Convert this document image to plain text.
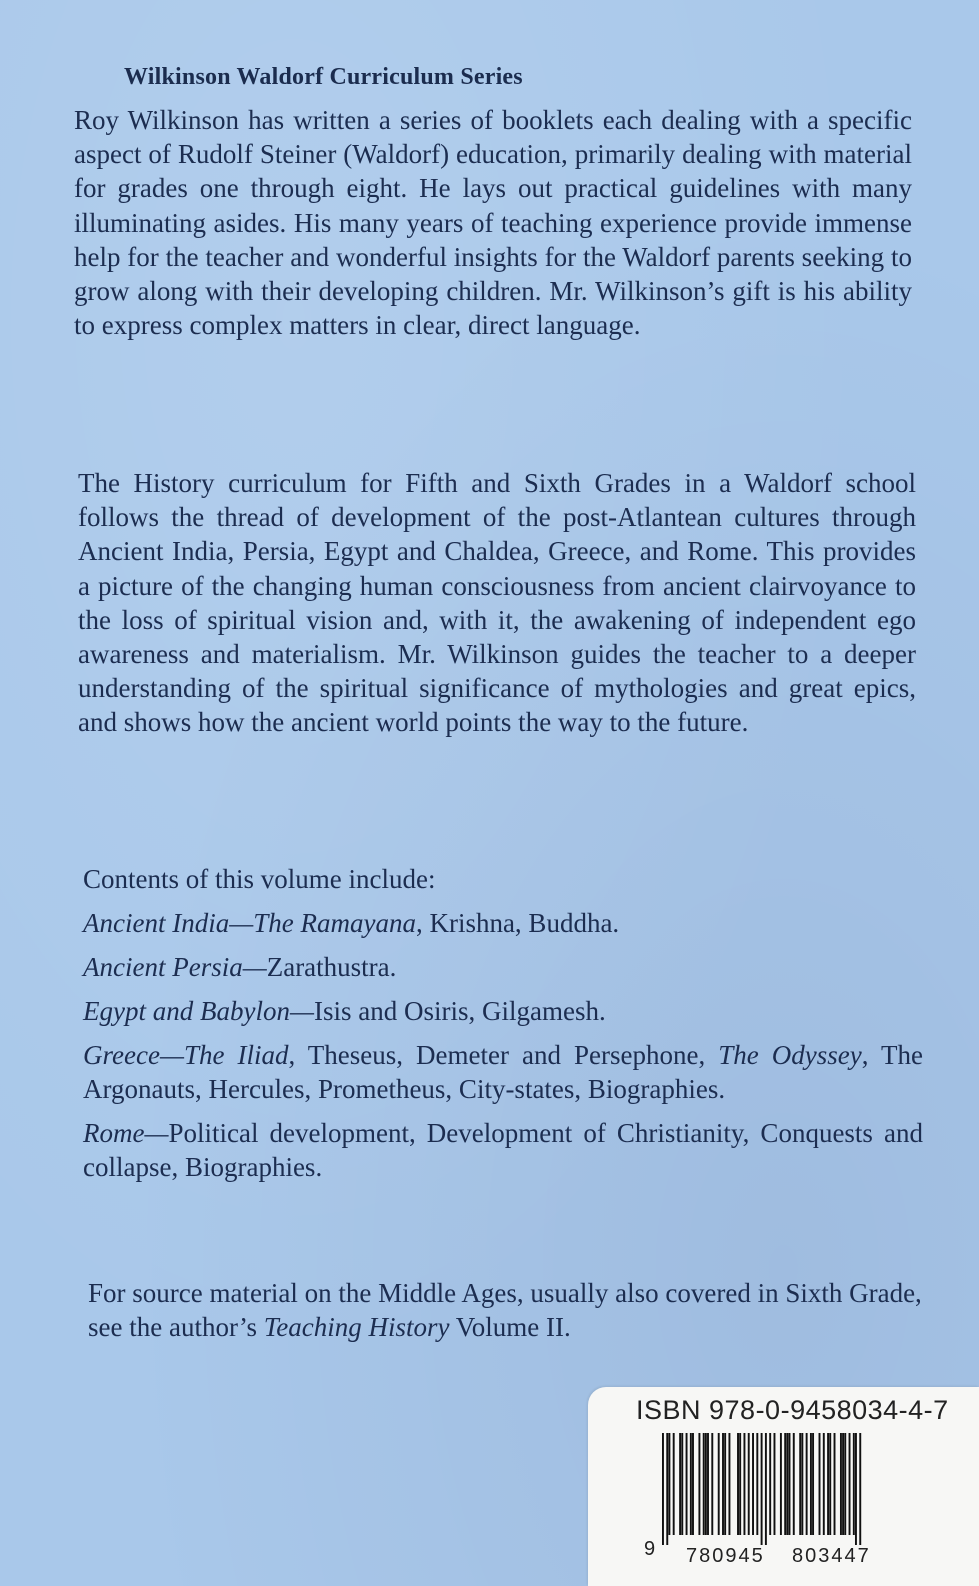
Wilkinson Waldorf Curriculum Series

Roy Wilkinson has written a series of booklets each dealing with a specific aspect of Rudolf Steiner (Waldorf) education, primarily dealing with material for grades one through eight. He lays out practical guidelines with many illuminating asides. His many years of teaching experience provide immense help for the teacher and wonderful insights for the Waldorf parents seeking to grow along with their developing children. Mr. Wilkinson’s gift is his ability to express complex matters in clear, direct language.

The History curriculum for Fifth and Sixth Grades in a Waldorf school follows the thread of development of the post-Atlantean cultures through Ancient India, Persia, Egypt and Chaldea, Greece, and Rome. This provides a picture of the changing human consciousness from ancient clairvoyance to the loss of spiritual vision and, with it, the awakening of independent ego awareness and materialism. Mr. Wilkinson guides the teacher to a deeper understanding of the spiritual significance of mythologies and great epics, and shows how the ancient world points the way to the future.

Contents of this volume include:

Ancient India—The Ramayana, Krishna, Buddha.

Ancient Persia—Zarathustra.

Egypt and Babylon—Isis and Osiris, Gilgamesh.

Greece—The Iliad, Theseus, Demeter and Persephone, The Odyssey, The Argonauts, Hercules, Prometheus, City-states, Biographies.

Rome—Political development, Development of Christianity, Conquests and collapse, Biographies.

For source material on the Middle Ages, usually also covered in Sixth Grade, see the author’s Teaching History Volume II.

ISBN 978-0-9458034-4-7
9 780945 803447
